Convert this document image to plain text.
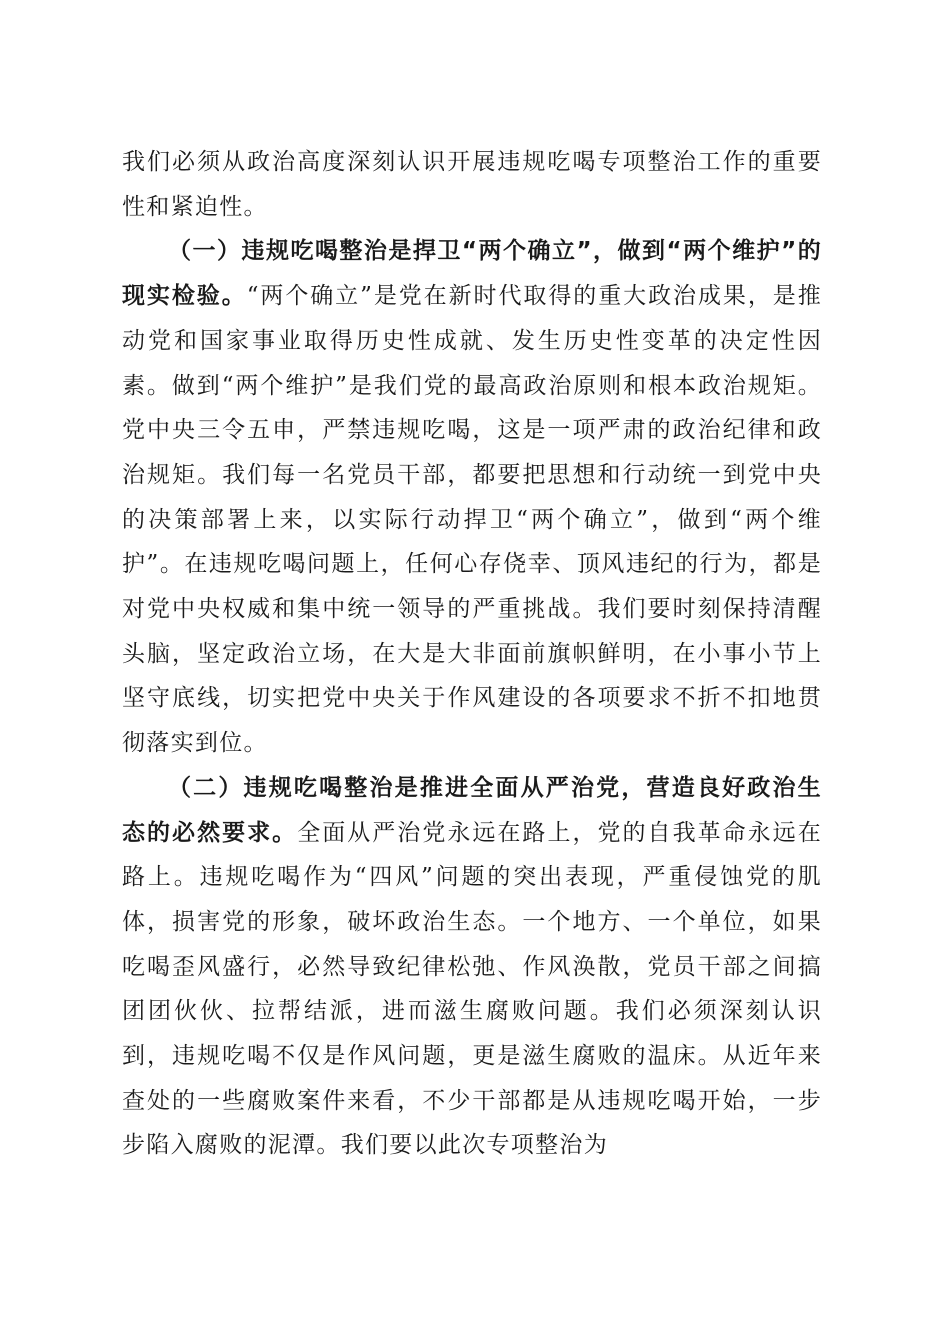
我们必须从政治高度深刻认识开展违规吃喝专项整治工作的重要性和紧迫性。

（一）违规吃喝整治是捍卫“两个确立”，做到“两个维护”的现实检验。“两个确立”是党在新时代取得的重大政治成果，是推动党和国家事业取得历史性成就、发生历史性变革的决定性因素。做到“两个维护”是我们党的最高政治原则和根本政治规矩。党中央三令五申，严禁违规吃喝，这是一项严肃的政治纪律和政治规矩。我们每一名党员干部，都要把思想和行动统一到党中央的决策部署上来，以实际行动捍卫“两个确立”，做到“两个维护”。在违规吃喝问题上，任何心存侥幸、顶风违纪的行为，都是对党中央权威和集中统一领导的严重挑战。我们要时刻保持清醒头脑，坚定政治立场，在大是大非面前旗帜鲜明，在小事小节上坚守底线，切实把党中央关于作风建设的各项要求不折不扣地贯彻落实到位。

（二）违规吃喝整治是推进全面从严治党，营造良好政治生态的必然要求。全面从严治党永远在路上，党的自我革命永远在路上。违规吃喝作为“四风”问题的突出表现，严重侵蚀党的肌体，损害党的形象，破坏政治生态。一个地方、一个单位，如果吃喝歪风盛行，必然导致纪律松弛、作风涣散，党员干部之间搞团团伙伙、拉帮结派，进而滋生腐败问题。我们必须深刻认识到，违规吃喝不仅是作风问题，更是滋生腐败的温床。从近年来查处的一些腐败案件来看，不少干部都是从违规吃喝开始，一步步陷入腐败的泥潭。我们要以此次专项整治为
